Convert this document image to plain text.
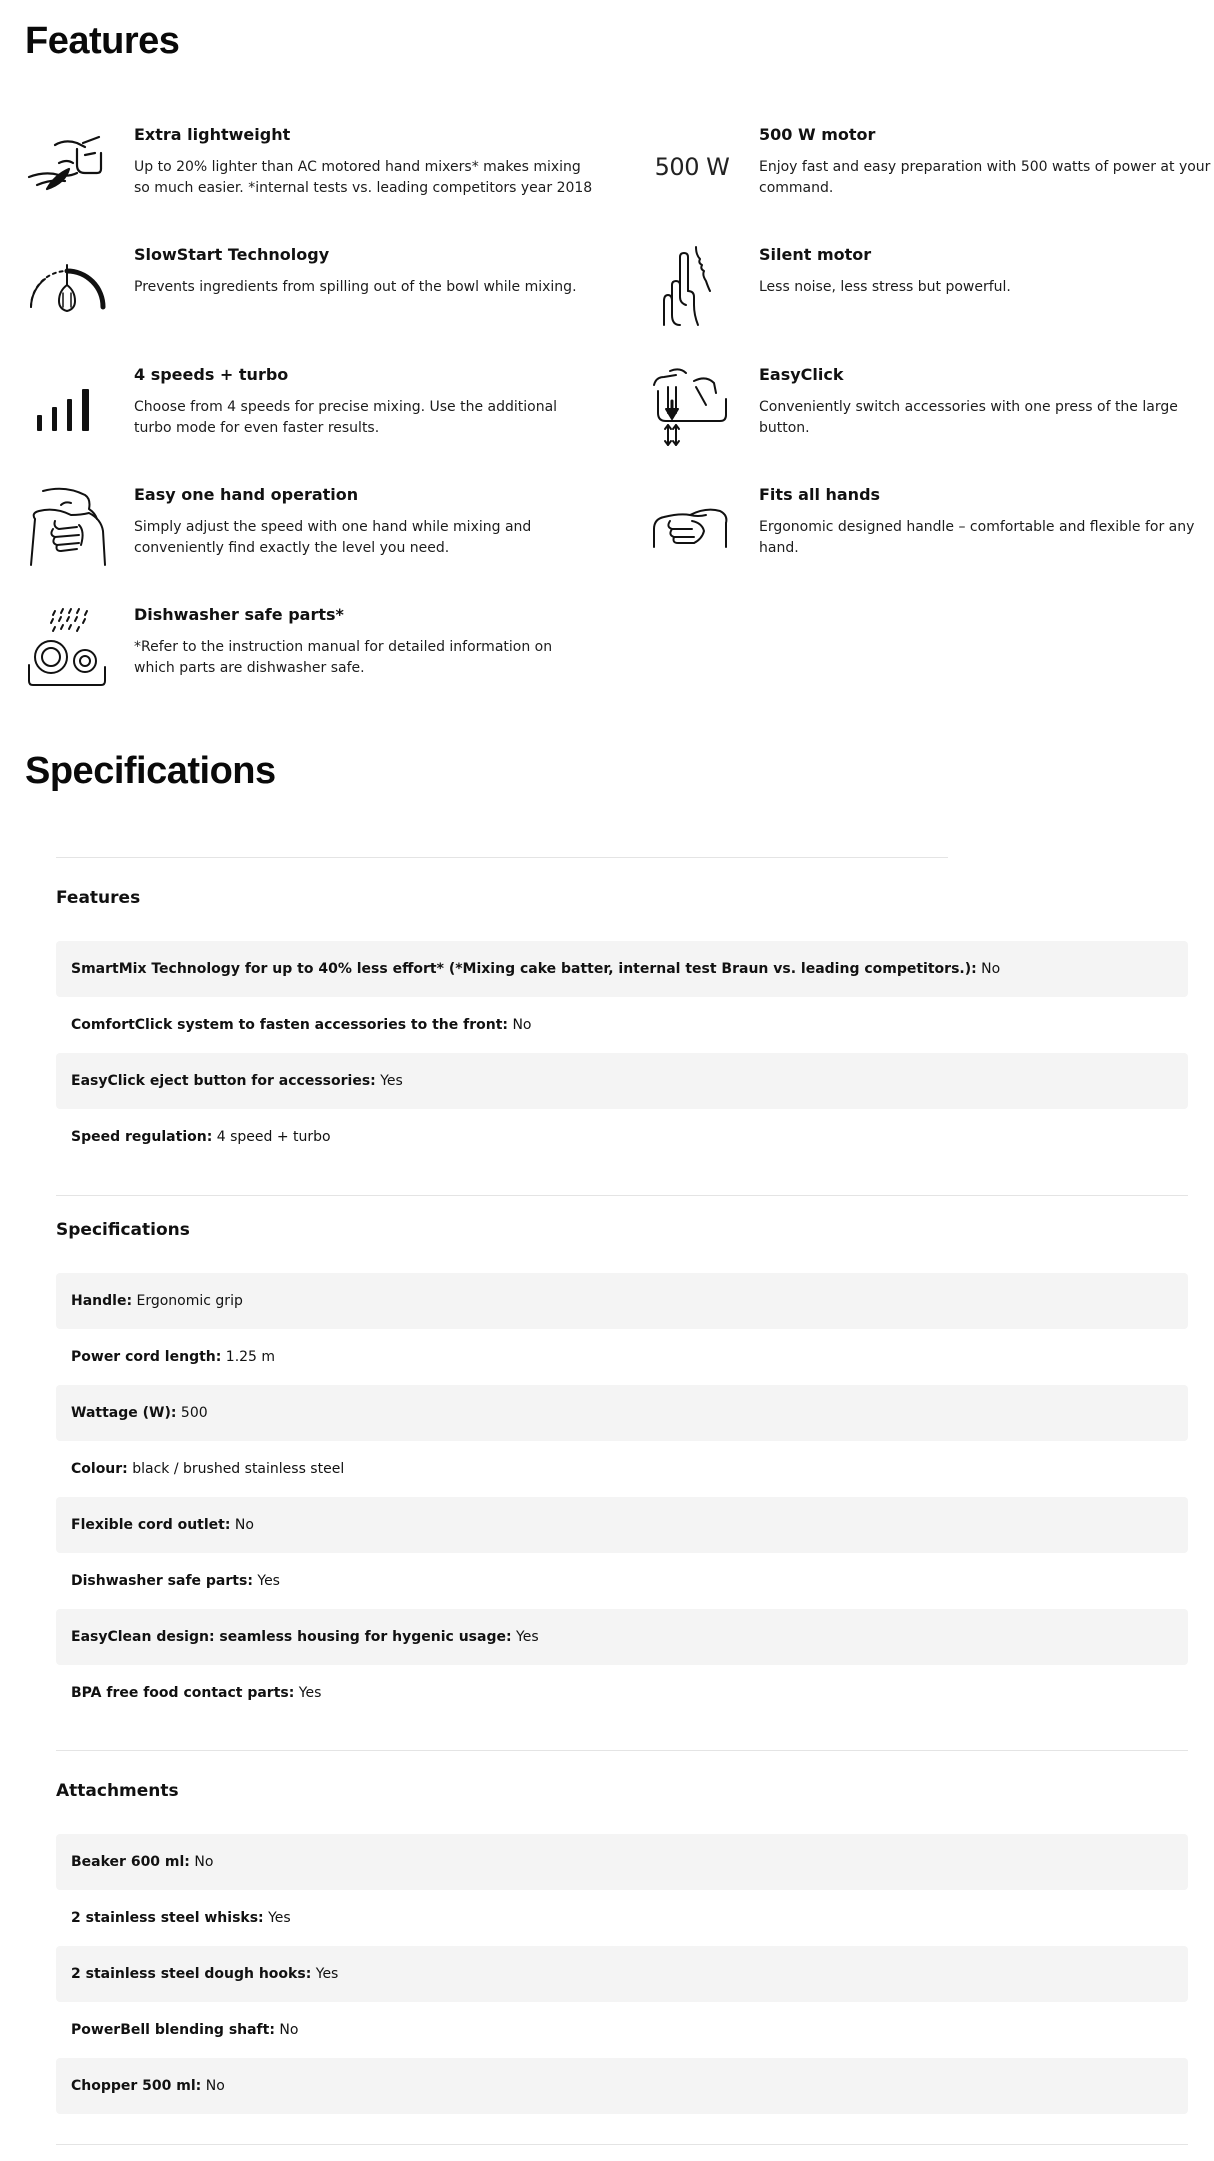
Features
Extra lightweight
Up to 20% lighter than AC motored hand mixers* makes mixing so much easier. *internal tests vs. leading competitors year 2018
500 W
500 W motor
Enjoy fast and easy preparation with 500 watts of power at your command.
SlowStart Technology
Prevents ingredients from spilling out of the bowl while mixing.
Silent motor
Less noise, less stress but powerful.
4 speeds + turbo
Choose from 4 speeds for precise mixing. Use the additional turbo mode for even faster results.
EasyClick
Conveniently switch accessories with one press of the large button.
Easy one hand operation
Simply adjust the speed with one hand while mixing and conveniently find exactly the level you need.
Fits all hands
Ergonomic designed handle – comfortable and flexible for any hand.
Dishwasher safe parts*
*Refer to the instruction manual for detailed information on which parts are dishwasher safe.
Specifications
Features
SmartMix Technology for up to 40% less effort* (*Mixing cake batter, internal test Braun vs. leading competitors.): No
ComfortClick system to fasten accessories to the front: No
EasyClick eject button for accessories: Yes
Speed regulation: 4 speed + turbo
Specifications
Handle: Ergonomic grip
Power cord length: 1.25 m
Wattage (W): 500
Colour: black / brushed stainless steel
Flexible cord outlet: No
Dishwasher safe parts: Yes
EasyClean design: seamless housing for hygenic usage: Yes
BPA free food contact parts: Yes
Attachments
Beaker 600 ml: No
2 stainless steel whisks: Yes
2 stainless steel dough hooks: Yes
PowerBell blending shaft: No
Chopper 500 ml: No
